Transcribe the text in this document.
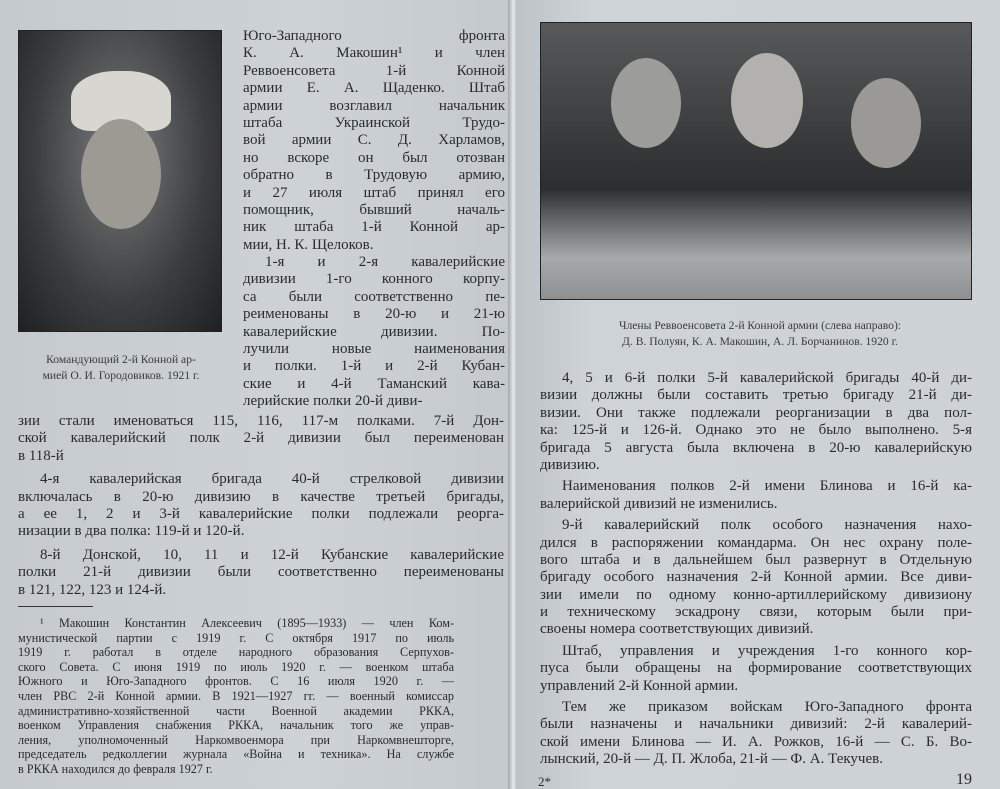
Командующий 2-й Конной ар-
мией О. И. Городовиков. 1921 г.
Юго-Западного фронта
К. А. Макошин¹ и член
Реввоенсовета 1-й Конной
армии Е. А. Щаденко. Штаб
армии возглавил начальник
штаба Украинской Трудо-
вой армии С. Д. Харламов,
но вскоре он был отозван
обратно в Трудовую армию,
и 27 июля штаб принял его
помощник, бывший началь-
ник штаба 1-й Конной ар-
мии, Н. К. Щелоков.
1-я и 2-я кавалерийские
дивизии 1-го конного корпу-
са были соответственно пе-
реименованы в 20-ю и 21-ю
кавалерийские дивизии. По-
лучили новые наименования
и полки. 1-й и 2-й Кубан-
ские и 4-й Таманский кава-
лерийские полки 20-й диви-
зии стали именоваться 115, 116, 117-м полками. 7-й Дон-
ской кавалерийский полк 2-й дивизии был переименован
в 118-й
4-я кавалерийская бригада 40-й стрелковой дивизии
включалась в 20-ю дивизию в качестве третьей бригады,
а ее 1, 2 и 3-й кавалерийские полки подлежали реорга-
низации в два полка: 119-й и 120-й.
8-й Донской, 10, 11 и 12-й Кубанские кавалерийские
полки 21-й дивизии были соответственно переименованы
в 121, 122, 123 и 124-й.
¹ Макошин Константин Алексеевич (1895—1933) — член Ком-
мунистической партии с 1919 г. С октября 1917 по июль
1919 г. работал в отделе народного образования Серпухов-
ского Совета. С июня 1919 по июль 1920 г. — военком штаба
Южного и Юго-Западного фронтов. С 16 июля 1920 г. —
член РВС 2-й Конной армии. В 1921—1927 гг. — военный комиссар
административно-хозяйственной части Военной академии РККА,
военком Управления снабжения РККА, начальник того же управ-
ления, уполномоченный Наркомвоенмора при Наркомвнешторге,
председатель редколлегии журнала «Война и техника». На службе
в РККА находился до февраля 1927 г.
Члены Реввоенсовета 2-й Конной армии (слева направо):
Д. В. Полуян, К. А. Макошин, А. Л. Борчанинов. 1920 г.
4, 5 и 6-й полки 5-й кавалерийской бригады 40-й ди-
визии должны были составить третью бригаду 21-й ди-
визии. Они также подлежали реорганизации в два пол-
ка: 125-й и 126-й. Однако это не было выполнено. 5-я
бригада 5 августа была включена в 20-ю кавалерийскую
дивизию.
Наименования полков 2-й имени Блинова и 16-й ка-
валерийской дивизий не изменились.
9-й кавалерийский полк особого назначения нахо-
дился в распоряжении командарма. Он нес охрану поле-
вого штаба и в дальнейшем был развернут в Отдельную
бригаду особого назначения 2-й Конной армии. Все диви-
зии имели по одному конно-артиллерийскому дивизиону
и техническому эскадрону связи, которым были при-
своены номера соответствующих дивизий.
Штаб, управления и учреждения 1-го конного кор-
пуса были обращены на формирование соответствующих
управлений 2-й Конной армии.
Тем же приказом войскам Юго-Западного фронта
были назначены и начальники дивизий: 2-й кавалерий-
ской имени Блинова — И. А. Рожков, 16-й — С. Б. Во-
лынский, 20-й — Д. П. Жлоба, 21-й — Ф. А. Текучев.
19
2*
